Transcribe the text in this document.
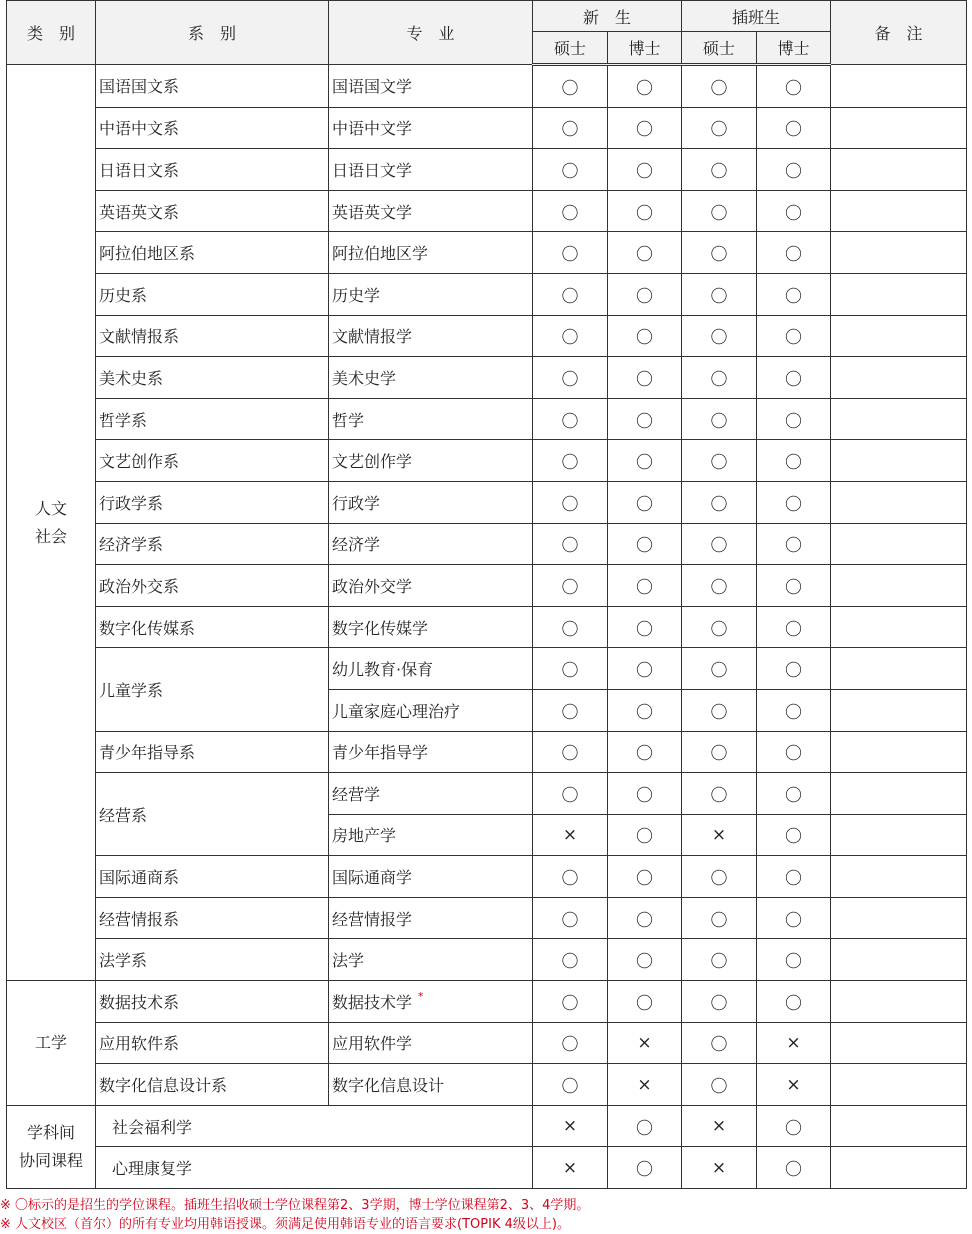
类　别	系　别	专　业	新　生		插班生		备　注
			硕士	博士	硕士	博士	

人文
社会	国语国文系	国语国文学	〇	〇	〇	〇	
	中语中文系	中语中文学	〇	〇	〇	〇	
	日语日文系	日语日文学	〇	〇	〇	〇	
	英语英文系	英语英文学	〇	〇	〇	〇	
	阿拉伯地区系	阿拉伯地区学	〇	〇	〇	〇	
	历史系	历史学	〇	〇	〇	〇	
	文献情报系	文献情报学	〇	〇	〇	〇	
	美术史系	美术史学	〇	〇	〇	〇	
	哲学系	哲学	〇	〇	〇	〇	
	文艺创作系	文艺创作学	〇	〇	〇	〇	
	行政学系	行政学	〇	〇	〇	〇	
	经济学系	经济学	〇	〇	〇	〇	
	政治外交系	政治外交学	〇	〇	〇	〇	
	数字化传媒系	数字化传媒学	〇	〇	〇	〇	
	儿童学系	幼儿教育·保育	〇	〇	〇	〇	
		儿童家庭心理治疗	〇	〇	〇	〇	
	青少年指导系	青少年指导学	〇	〇	〇	〇	
	经营系	经营学	〇	〇	〇	〇	
		房地产学	×	〇	×	〇	
	国际通商系	国际通商学	〇	〇	〇	〇	
	经营情报系	经营情报学	〇	〇	〇	〇	
	法学系	法学	〇	〇	〇	〇	
工学	数据技术系	数据技术学 *	〇	〇	〇	〇	
	应用软件系	应用软件学	〇	×	〇	×	
	数字化信息设计系	数字化信息设计	〇	×	〇	×	

学科间
协同课程	社会福利学		×	〇	×	〇	
	心理康复学		×	〇	×	〇	
※ 〇标示的是招生的学位课程。插班生招收硕士学位课程第2、3学期，博士学位课程第2、3、4学期。
※ 人文校区（首尔）的所有专业均用韩语授课。须满足使用韩语专业的语言要求(TOPIK 4级以上)。
